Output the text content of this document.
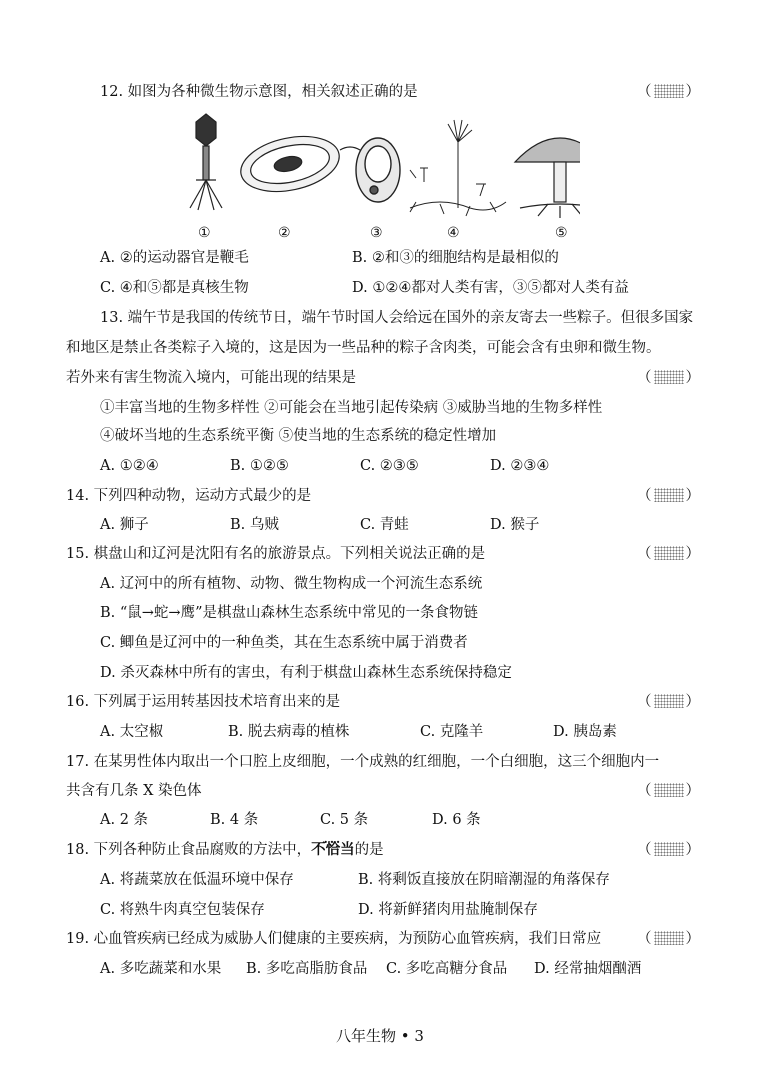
12. 如图为各种微生物示意图，相关叙述正确的是	（ ）
①	②	③	④	⑤
A. ②的运动器官是鞭毛	B. ②和③的细胞结构是最相似的
C. ④和⑤都是真核生物	D. ①②④都对人类有害，③⑤都对人类有益
13. 端午节是我国的传统节日，端午节时国人会给远在国外的亲友寄去一些粽子。但很多国家
和地区是禁止各类粽子入境的，这是因为一些品种的粽子含肉类，可能会含有虫卵和微生物。
若外来有害生物流入境内，可能出现的结果是	（ ）
①丰富当地的生物多样性 ②可能会在当地引起传染病 ③威胁当地的生物多样性
④破坏当地的生态系统平衡 ⑤使当地的生态系统的稳定性增加
A. ①②④	B. ①②⑤	C. ②③⑤	D. ②③④
14. 下列四种动物，运动方式最少的是	（ ）
A. 狮子	B. 乌贼	C. 青蛙	D. 猴子
15. 棋盘山和辽河是沈阳有名的旅游景点。下列相关说法正确的是	（ ）
A. 辽河中的所有植物、动物、微生物构成一个河流生态系统
B. “鼠→蛇→鹰”是棋盘山森林生态系统中常见的一条食物链
C. 鲫鱼是辽河中的一种鱼类，其在生态系统中属于消费者
D. 杀灭森林中所有的害虫，有利于棋盘山森林生态系统保持稳定
16. 下列属于运用转基因技术培育出来的是	（ ）
A. 太空椒	B. 脱去病毒的植株	C. 克隆羊	D. 胰岛素
17. 在某男性体内取出一个口腔上皮细胞，一个成熟的红细胞，一个白细胞，这三个细胞内一
共含有几条 X 染色体	（ ）
A. 2 条	B. 4 条	C. 5 条	D. 6 条
18. 下列各种防止食品腐败的方法中，不恰当 ...的是	（ ）
A. 将蔬菜放在低温环境中保存	B. 将剩饭直接放在阴暗潮湿的角落保存
C. 将熟牛肉真空包装保存	D. 将新鲜猪肉用盐腌制保存
19. 心血管疾病已经成为威胁人们健康的主要疾病，为预防心血管疾病，我们日常应	（ ）
A. 多吃蔬菜和水果 B. 多吃高脂肪食品 C. 多吃高糖分食品 D. 经常抽烟酗酒
八年生物 • 3
